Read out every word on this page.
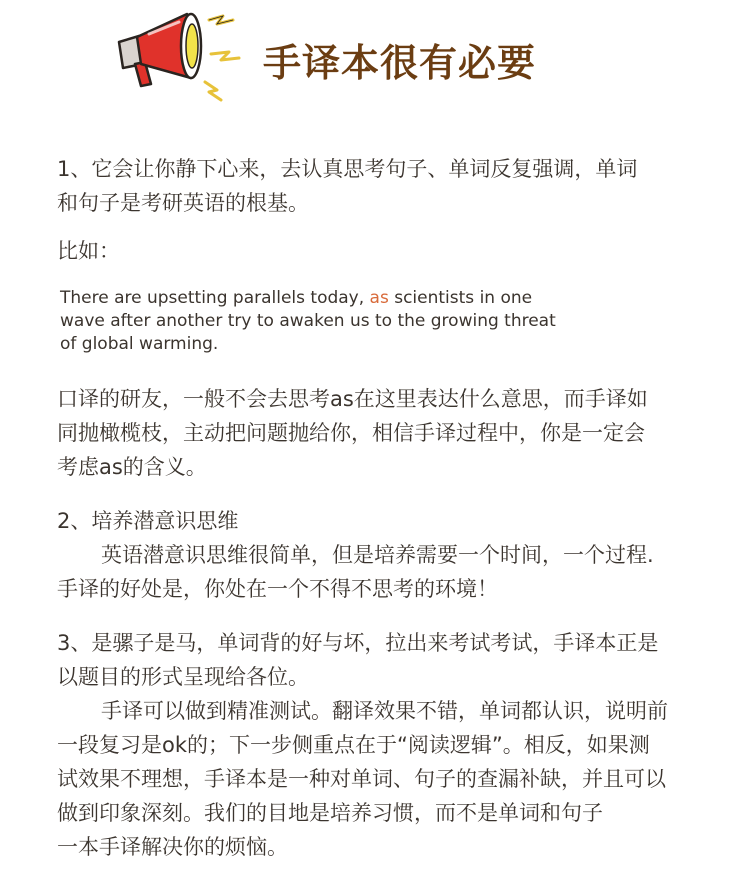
手译本很有必要
1、它会让你静下心来，去认真思考句子、单词反复强调，单词
和句子是考研英语的根基。
比如：
There are upsetting parallels today, as scientists in one
wave after another try to awaken us to the growing threat
of global warming.
口译的研友，一般不会去思考as在这里表达什么意思，而手译如
同抛橄榄枝，主动把问题抛给你，相信手译过程中，你是一定会
考虑as的含义。
2、培养潜意识思维
英语潜意识思维很简单，但是培养需要一个时间，一个过程.
手译的好处是，你处在一个不得不思考的环境！
3、是骡子是马，单词背的好与坏，拉出来考试考试，手译本正是
以题目的形式呈现给各位。
手译可以做到精准测试。翻译效果不错，单词都认识，说明前
一段复习是ok的；下一步侧重点在于“阅读逻辑”。相反，如果测
试效果不理想，手译本是一种对单词、句子的查漏补缺，并且可以
做到印象深刻。我们的目地是培养习惯，而不是单词和句子
一本手译解决你的烦恼。
